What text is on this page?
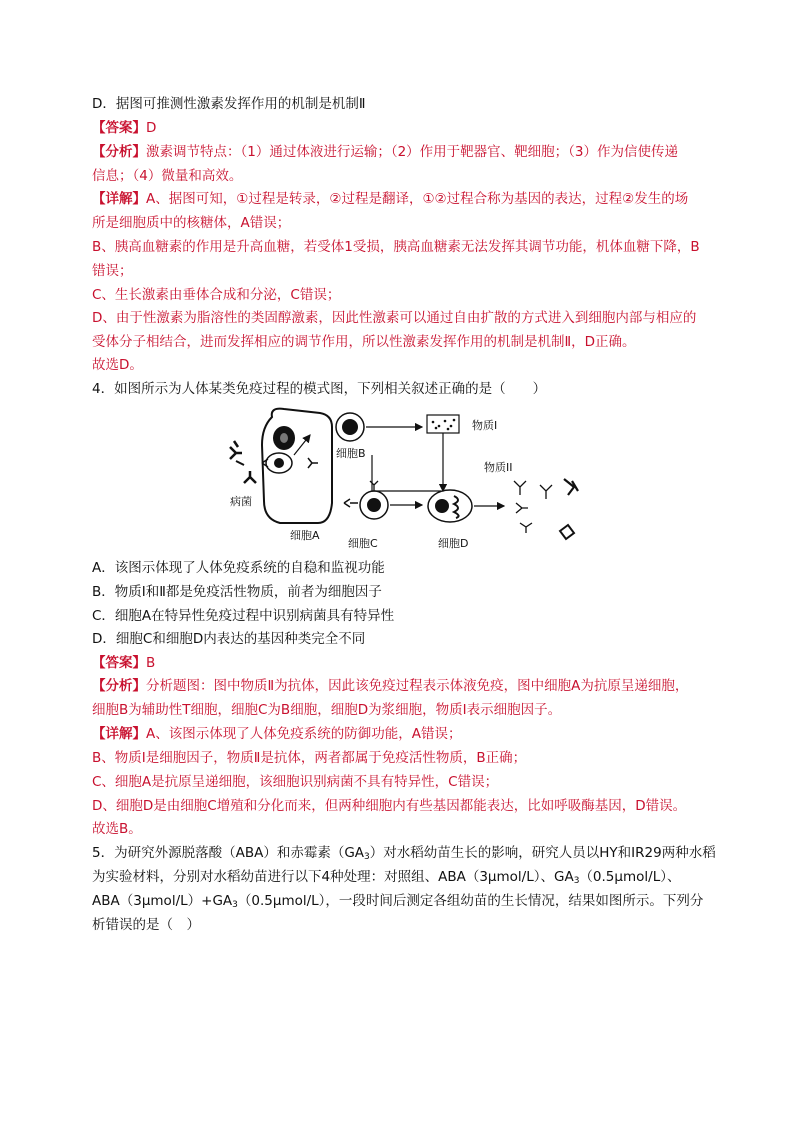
D．据图可推测性激素发挥作用的机制是机制Ⅱ
【答案】D
【分析】激素调节特点：（1）通过体液进行运输；（2）作用于靶器官、靶细胞；（3）作为信使传递
信息；（4）微量和高效。
【详解】A、据图可知，①过程是转录，②过程是翻译，①②过程合称为基因的表达，过程②发生的场
所是细胞质中的核糖体，A错误；
B、胰高血糖素的作用是升高血糖，若受体1受损，胰高血糖素无法发挥其调节功能，机体血糖下降，B
错误；
C、生长激素由垂体合成和分泌，C错误；
D、由于性激素为脂溶性的类固醇激素，因此性激素可以通过自由扩散的方式进入到细胞内部与相应的
受体分子相结合，进而发挥相应的调节作用，所以性激素发挥作用的机制是机制Ⅱ，D正确。
故选D。
4．如图所示为人体某类免疫过程的模式图，下列相关叙述正确的是（　　）
病菌
细胞A
细胞B
物质Ⅰ
细胞C	细胞D
物质ⅠⅠ
A．该图示体现了人体免疫系统的自稳和监视功能
B．物质Ⅰ和Ⅱ都是免疫活性物质，前者为细胞因子
C．细胞A在特异性免疫过程中识别病菌具有特异性
D．细胞C和细胞D内表达的基因种类完全不同
【答案】B
【分析】分析题图：图中物质Ⅱ为抗体，因此该免疫过程表示体液免疫，图中细胞A为抗原呈递细胞，
细胞B为辅助性T细胞，细胞C为B细胞，细胞D为浆细胞，物质I表示细胞因子。
【详解】A、该图示体现了人体免疫系统的防御功能，A错误；
B、物质Ⅰ是细胞因子，物质Ⅱ是抗体，两者都属于免疫活性物质，B正确；
C、细胞A是抗原呈递细胞，该细胞识别病菌不具有特异性，C错误；
D、细胞D是由细胞C增殖和分化而来，但两种细胞内有些基因都能表达，比如呼吸酶基因，D错误。
故选B。
5．为研究外源脱落酸（ABA）和赤霉素$(GA_3)$对水稻幼苗生长的影响，研究人员以HY和IR29两种水稻
为实验材料，分别对水稻幼苗进行以下4种处理：对照组、ABA（3μmol/L）、$GA_3(0.5\mu mol/L)$、
$ABA(3\mu mol/L)+GA_3(0.5\mu mol/L)$，一段时间后测定各组幼苗的生长情况，结果如图所示。下列分
析错误的是（　）
